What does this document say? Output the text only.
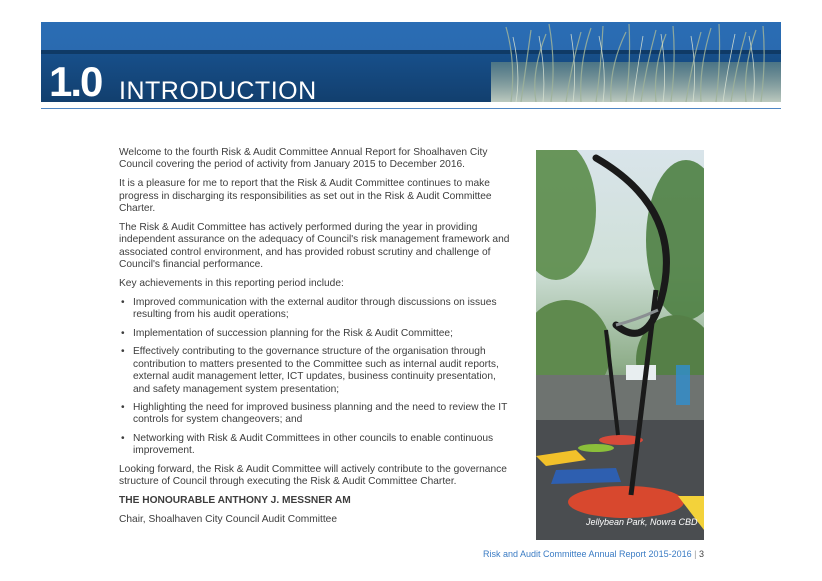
1.0 INTRODUCTION

Welcome to the fourth Risk & Audit Committee Annual Report for Shoalhaven City Council covering the period of activity from January 2015 to December 2016.

It is a pleasure for me to report that the Risk & Audit Committee continues to make progress in discharging its responsibilities as set out in the Risk & Audit Committee Charter.

The Risk & Audit Committee has actively performed during the year in providing independent assurance on the adequacy of Council's risk management framework and associated control environment, and has provided robust scrutiny and challenge of Council's financial performance.

Key achievements in this reporting period include:

• Improved communication with the external auditor through discussions on issues resulting from his audit operations;
• Implementation of succession planning for the Risk & Audit Committee;
• Effectively contributing to the governance structure of the organisation through contribution to matters presented to the Committee such as internal audit reports, external audit management letter, ICT updates, business continuity presentation, and safety management system presentation;
• Highlighting the need for improved business planning and the need to review the IT controls for system changeovers; and
• Networking with Risk & Audit Committees in other councils to enable continuous improvement.

Looking forward, the Risk & Audit Committee will actively contribute to the governance structure of Council through executing the Risk & Audit Committee Charter.

THE HONOURABLE ANTHONY J. MESSNER AM

Chair, Shoalhaven City Council Audit Committee	Jellybean Park, Nowra CBD
Risk and Audit Committee Annual Report 2015-2016 | 3
